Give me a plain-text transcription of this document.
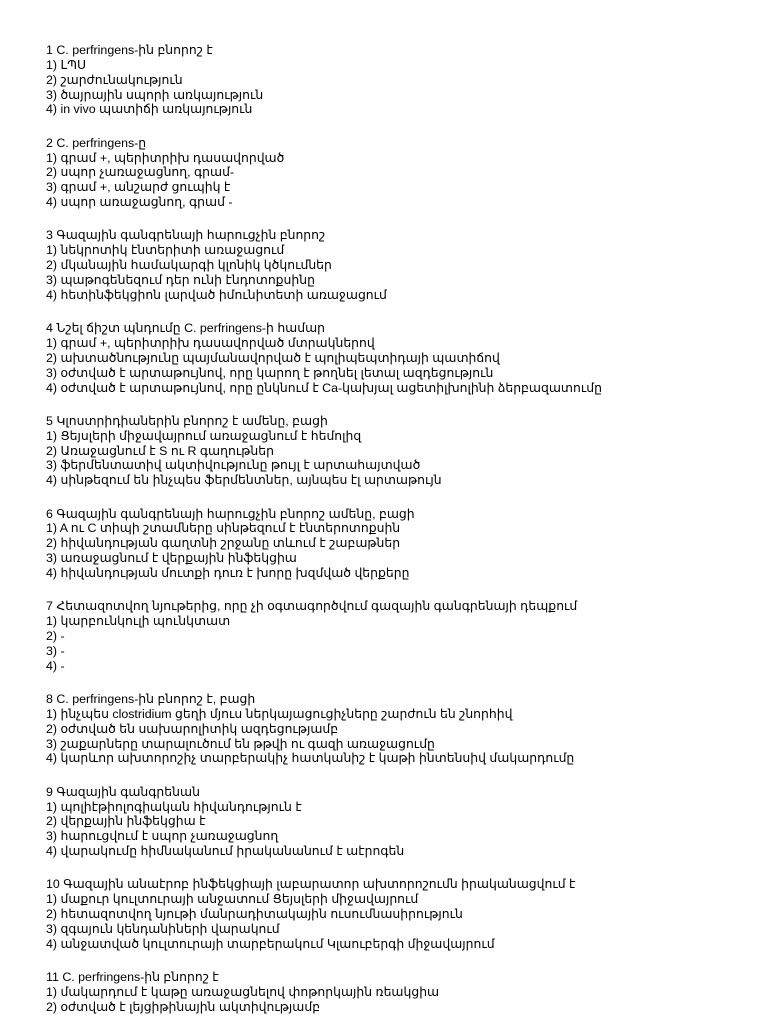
1 C. perfringens-ին բնորոշ է
1) ԼՊՍ
2) շարժունակություն
3) ծայրային սպորի առկայություն
4) in vivo պատիճի առկայություն
2 C. perfringens-ը
1) գրամ +, պերիտրիխ դասավորված
2) սպոր չառաջացնող, գրամ-
3) գրամ +, անշարժ ցուպիկ է
4) սպոր առաջացնող, գրամ -
3 Գազային գանգրենայի հարուցչին բնորոշ
1) նեկրոտիկ էնտերիտի առաջացում
2) մկանային համակարգի կլոնիկ կծկումներ
3) պաթոգենեզում դեր ունի էնդոտոքսինը
4) հետինֆեկցիոն լարված իմունիտետի առաջացում
4 Նշել ճիշտ պնդումը C. perfringens-ի համար
1) գրամ +, պերիտրիխ դասավորված մտրակներով
2) ախտածնությունը պայմանավորված է պոլիպեպտիդայի պատիճով
3) օժտված է արտաթույնով, որը կարող է թողնել լետալ ազդեցություն
4) օժտված է արտաթույնով, որը ընկնում է Ca-կախյալ ացետիլխոլինի ձերբազատումը
5 Կլոստրիդիաներին բնորոշ է ամենը, բացի
1) Ցեյսլերի միջավայրում առաջացնում է հեմոլիզ
2) Առաջացնում է S ու R գաղութներ
3) ֆերմենտատիվ ակտիվությունը թույլ է արտահայտված
4) սինթեզում են ինչպես ֆերմենտներ, այնպես էլ արտաթույն
6 Գազային գանգրենայի հարուցչին բնորոշ ամենը, բացի
1) A ու C տիպի շտամները սինթեզում է էնտերոտոքսին
2) հիվանդության գաղտնի շրջանը տևում է շաբաթներ
3) առաջացնում է վերքային ինֆեկցիա
4) հիվանդության մուտքի դուռ է խորը խզմված վերքերը
7 Հետազոտվող նյութերից, որը չի օգտագործվում գազային գանգրենայի դեպքում
1) կարբունկուլի պունկտատ
2) -
3) -
4) -
8 C. perfringens-ին բնորոշ է, բացի
1) ինչպես clostridium ցեղի մյուս ներկայացուցիչները շարժուն են շնորհիվ
2) օժտված են սախարոլիտիկ ազդեցությամբ
3) շաքարները տարալուծում են թթվի ու գազի առաջացումը
4) կարևոր ախտորոշիչ տարբերակիչ հատկանիշ է կաթի ինտենսիվ մակարդումը
9 Գազային գանգրենան
1) պոլիէթիոլոգիական հիվանդություն է
2) վերքային ինֆեկցիա է
3) հարուցվում է սպոր չառաջացնող
4) վարակումը հիմնականում իրականանում է աէրոգեն
10 Գազային անաէրոբ ինֆեկցիայի լաբարատոր ախտորոշումն իրականացվում է
1) մաքուր կուլտուրայի անջատում Ցեյսլերի միջավայրում
2) հետազոտվող նյութի մանրադիտակային ուսումնասիրություն
3) զգայուն կենդանիների վարակում
4) անջատված կուլտուրայի տարբերակում Կլաուբերգի միջավայրում
11 C. perfringens-ին բնորոշ է
1) մակարդում է կաթը առաջացնելով փոթորկային ռեակցիա
2) օժտված է լեյցիթինային ակտիվությամբ
